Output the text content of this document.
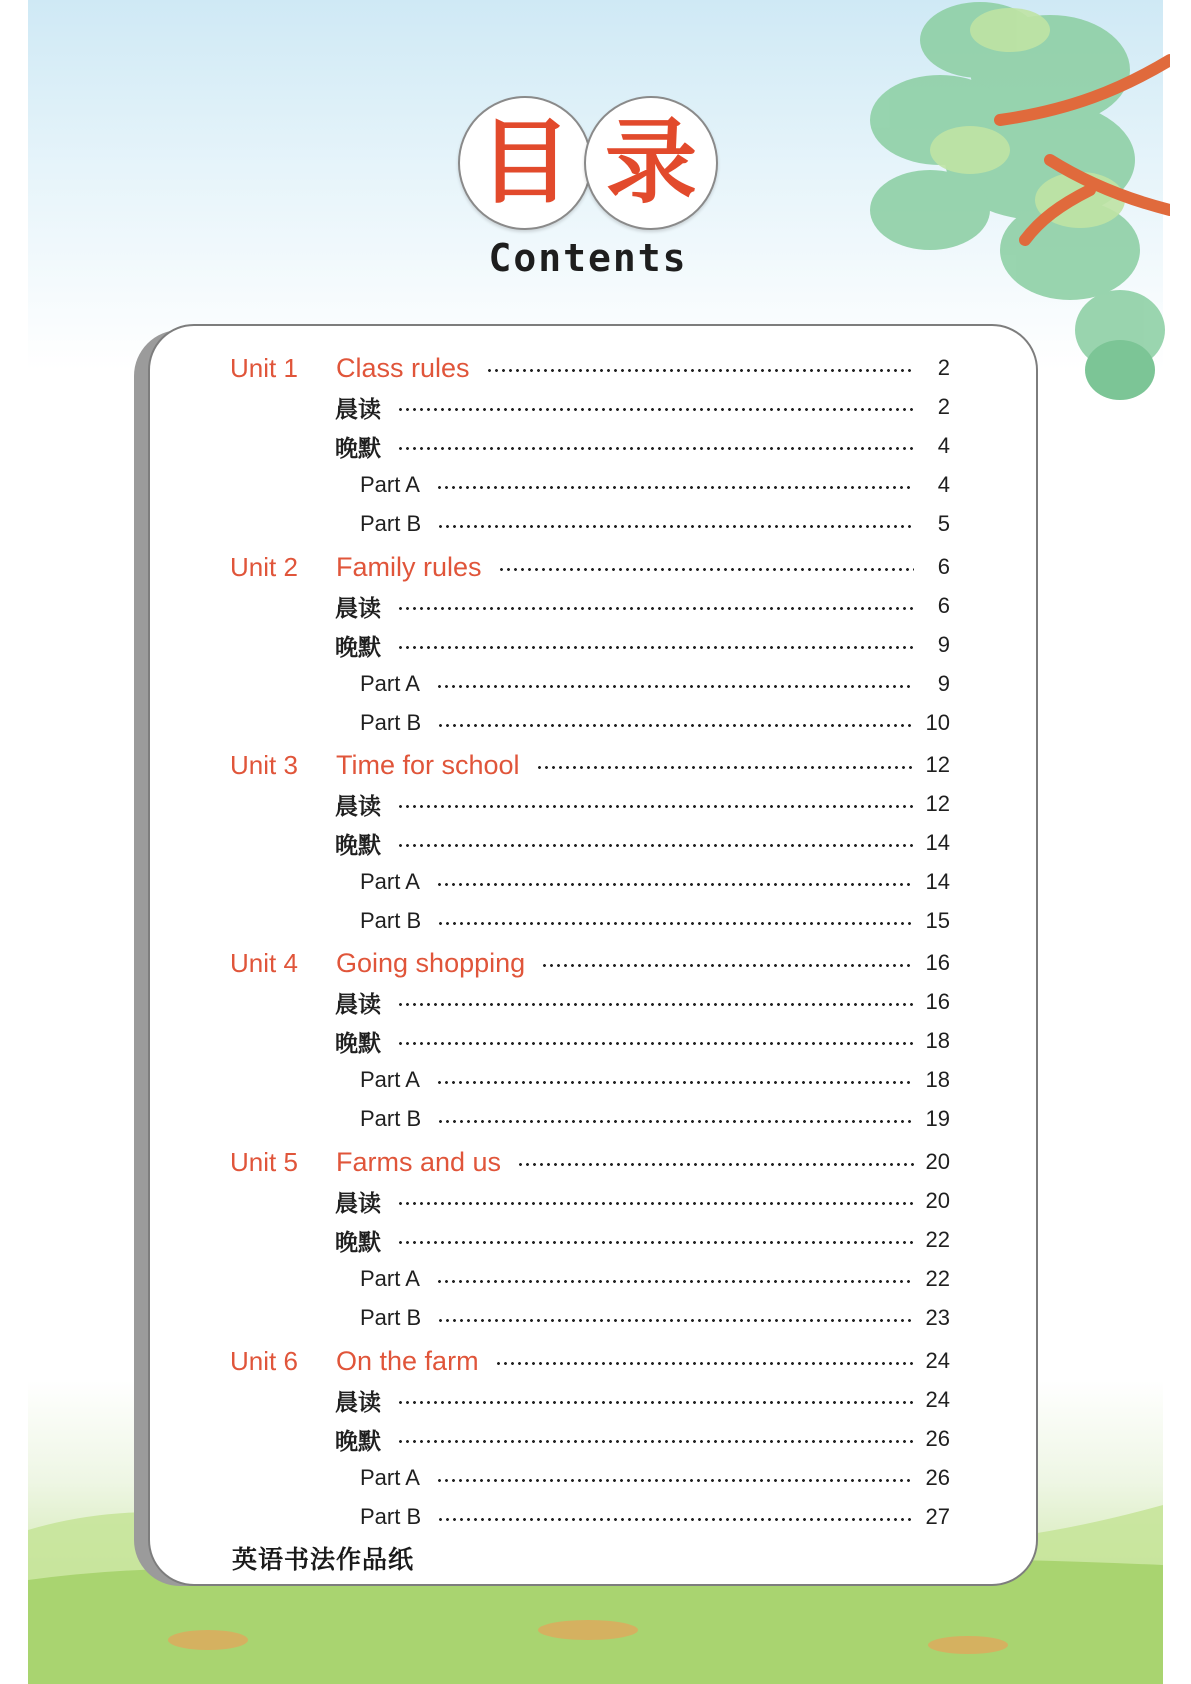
目 录
Contents
Unit 1	Class rules	2
晨读	2
晚默	4
Part A	4
Part B	5
Unit 2	Family rules	6
晨读	6
晚默	9
Part A	9
Part B	10
Unit 3	Time for school	12
晨读	12
晚默	14
Part A	14
Part B	15
Unit 4	Going shopping	16
晨读	16
晚默	18
Part A	18
Part B	19
Unit 5	Farms and us	20
晨读	20
晚默	22
Part A	22
Part B	23
Unit 6	On the farm	24
晨读	24
晚默	26
Part A	26
Part B	27
英语书法作品纸
